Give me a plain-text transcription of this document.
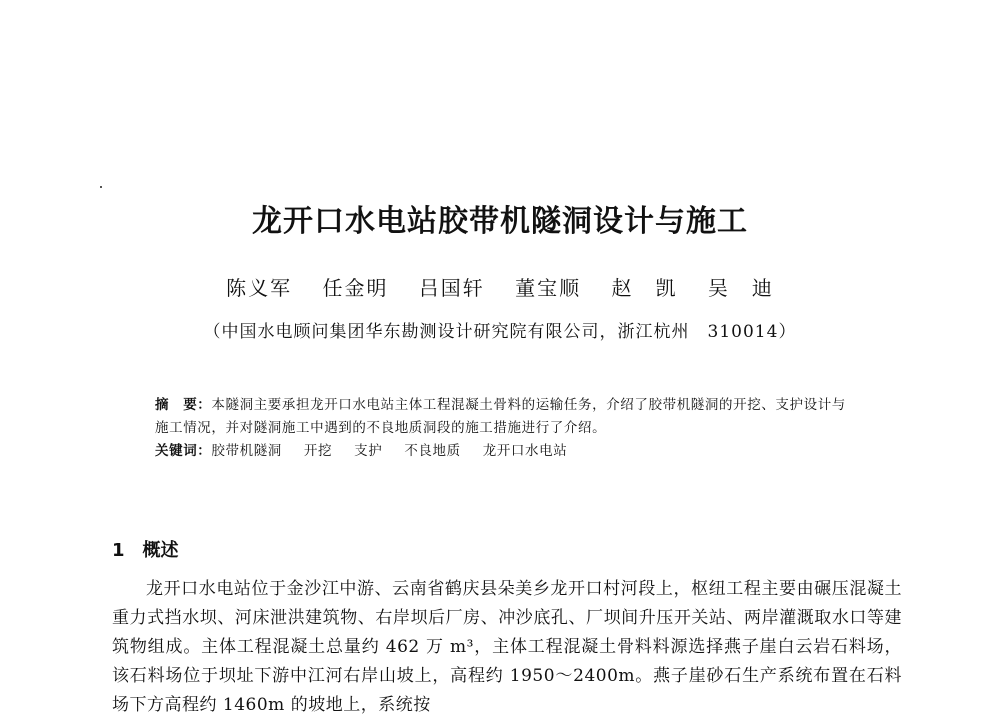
龙开口水电站胶带机隧洞设计与施工
陈义军 任金明 吕国轩 董宝顺 赵　凯 吴　迪
（中国水电顾问集团华东勘测设计研究院有限公司，浙江杭州　310014）
摘　要：本隧洞主要承担龙开口水电站主体工程混凝土骨料的运输任务，介绍了胶带机隧洞的开挖、支护设计与施工情况，并对隧洞施工中遇到的不良地质洞段的施工措施进行了介绍。
关键词：胶带机隧洞 开挖 支护 不良地质 龙开口水电站
1 概述
龙开口水电站位于金沙江中游、云南省鹤庆县朵美乡龙开口村河段上，枢纽工程主要由碾压混凝土重力式挡水坝、河床泄洪建筑物、右岸坝后厂房、冲沙底孔、厂坝间升压开关站、两岸灌溉取水口等建筑物组成。主体工程混凝土总量约 462 万 m³，主体工程混凝土骨料料源选择燕子崖白云岩石料场，该石料场位于坝址下游中江河右岸山坡上，高程约 1950～2400m。燕子崖砂石生产系统布置在石料场下方高程约 1460m 的坡地上，系统按
